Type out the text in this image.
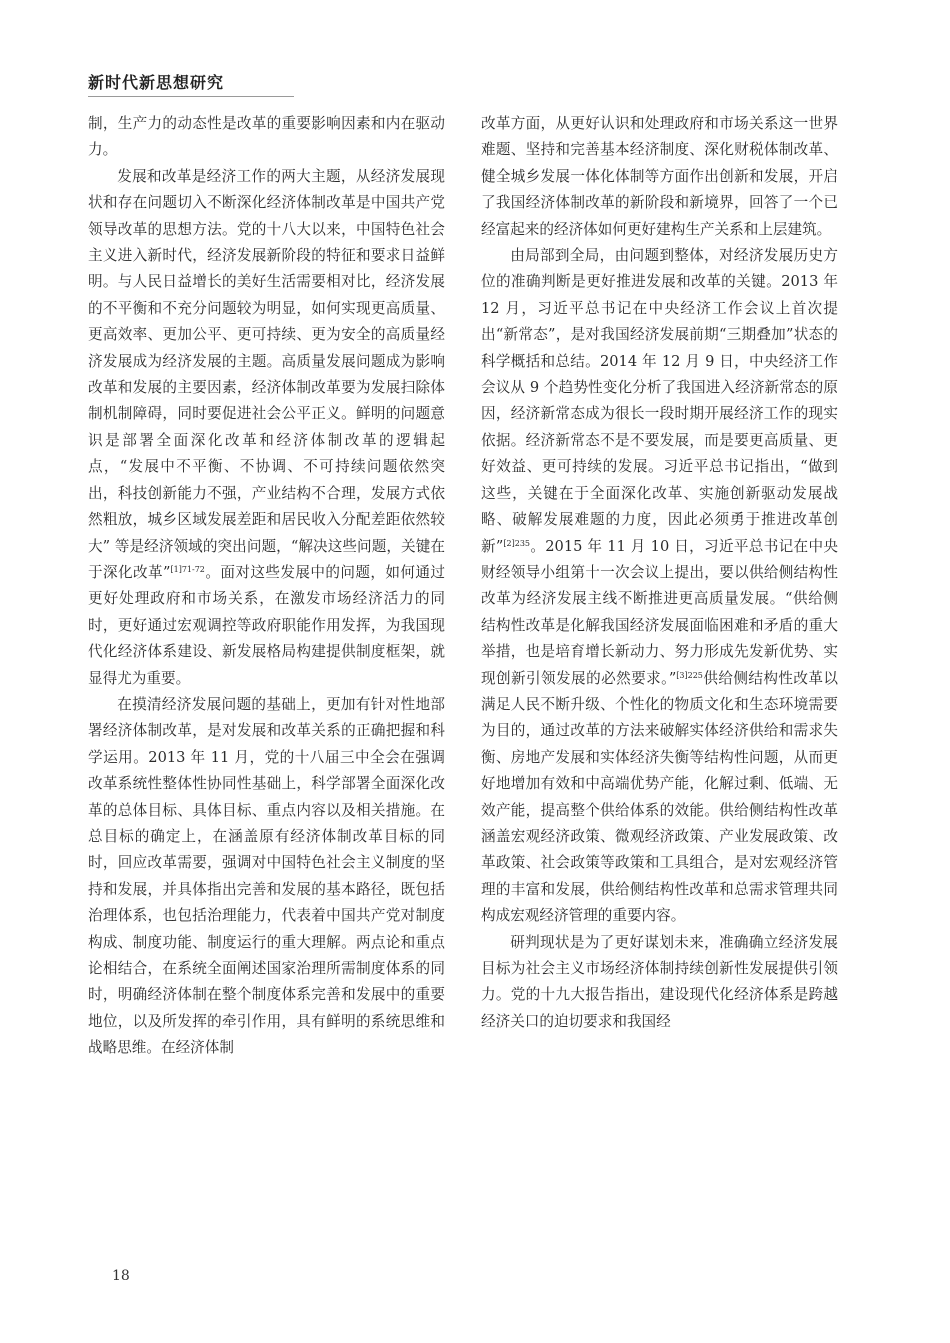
新时代新思想研究

制，生产力的动态性是改革的重要影响因素和内在驱动力。

发展和改革是经济工作的两大主题，从经济发展现状和存在问题切入不断深化经济体制改革是中国共产党领导改革的思想方法。党的十八大以来，中国特色社会主义进入新时代，经济发展新阶段的特征和要求日益鲜明。与人民日益增长的美好生活需要相对比，经济发展的不平衡和不充分问题较为明显，如何实现更高质量、更高效率、更加公平、更可持续、更为安全的高质量经济发展成为经济发展的主题。高质量发展问题成为影响改革和发展的主要因素，经济体制改革要为发展扫除体制机制障碍，同时要促进社会公平正义。鲜明的问题意识是部署全面深化改革和经济体制改革的逻辑起点，“发展中不平衡、不协调、不可持续问题依然突出，科技创新能力不强，产业结构不合理，发展方式依然粗放，城乡区域发展差距和居民收入分配差距依然较大” 等是经济领域的突出问题，“解决这些问题，关键在于深化改革”$^{[1]71-72}$。面对这些发展中的问题，如何通过更好处理政府和市场关系，在激发市场经济活力的同时，更好通过宏观调控等政府职能作用发挥，为我国现代化经济体系建设、新发展格局构建提供制度框架，就显得尤为重要。

在摸清经济发展问题的基础上，更加有针对性地部署经济体制改革，是对发展和改革关系的正确把握和科学运用。2013 年 11 月，党的十八届三中全会在强调改革系统性整体性协同性基础上，科学部署全面深化改革的总体目标、具体目标、重点内容以及相关措施。在总目标的确定上，在涵盖原有经济体制改革目标的同时，回应改革需要，强调对中国特色社会主义制度的坚持和发展，并具体指出完善和发展的基本路径，既包括治理体系，也包括治理能力，代表着中国共产党对制度构成、制度功能、制度运行的重大理解。两点论和重点论相结合，在系统全面阐述国家治理所需制度体系的同时，明确经济体制在整个制度体系完善和发展中的重要地位，以及所发挥的牵引作用，具有鲜明的系统思维和战略思维。在经济体制

改革方面，从更好认识和处理政府和市场关系这一世界难题、坚持和完善基本经济制度、深化财税体制改革、健全城乡发展一体化体制等方面作出创新和发展，开启了我国经济体制改革的新阶段和新境界，回答了一个已经富起来的经济体如何更好建构生产关系和上层建筑。

由局部到全局，由问题到整体，对经济发展历史方位的准确判断是更好推进发展和改革的关键。2013 年 12 月，习近平总书记在中央经济工作会议上首次提出“新常态”，是对我国经济发展前期“三期叠加”状态的科学概括和总结。2014 年 12 月 9 日，中央经济工作会议从 9 个趋势性变化分析了我国进入经济新常态的原因，经济新常态成为很长一段时期开展经济工作的现实依据。经济新常态不是不要发展，而是要更高质量、更好效益、更可持续的发展。习近平总书记指出，“做到这些，关键在于全面深化改革、实施创新驱动发展战略、破解发展难题的力度，因此必须勇于推进改革创新”$^{[2]235}$。2015 年 11 月 10 日，习近平总书记在中央财经领导小组第十一次会议上提出，要以供给侧结构性改革为经济发展主线不断推进更高质量发展。“供给侧结构性改革是化解我国经济发展面临困难和矛盾的重大举措，也是培育增长新动力、努力形成先发新优势、实现创新引领发展的必然要求。”$^{[3]225}$供给侧结构性改革以满足人民不断升级、个性化的物质文化和生态环境需要为目的，通过改革的方法来破解实体经济供给和需求失衡、房地产发展和实体经济失衡等结构性问题，从而更好地增加有效和中高端优势产能，化解过剩、低端、无效产能，提高整个供给体系的效能。供给侧结构性改革涵盖宏观经济政策、微观经济政策、产业发展政策、改革政策、社会政策等政策和工具组合，是对宏观经济管理的丰富和发展，供给侧结构性改革和总需求管理共同构成宏观经济管理的重要内容。

研判现状是为了更好谋划未来，准确确立经济发展目标为社会主义市场经济体制持续创新性发展提供引领力。党的十九大报告指出，建设现代化经济体系是跨越经济关口的迫切要求和我国经

18
